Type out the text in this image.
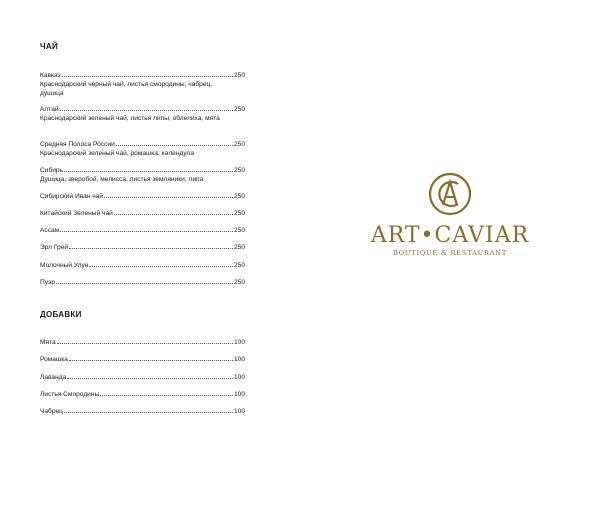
ЧАЙ
Кавказ	250
Краснодарский черный чай, листья смородины, чабрец, душица
Алтай	250
Краснодарский зеленый чай, листья липы, облепиха, мята
Средняя Полоса России	250
Краснодарский зеленый чай, ромашка, календула
Сибирь	250
Душица, зверобой, мелисса, листья земляники, липа
Сибирский Иван чай	250
Китайский Зеленый чай	250
Ассам	250
Эрл Грей	250
Молочный Улун	250
Пуэр	250
ДОБАВКИ
Мята	100
Ромашка	100
Лаванда	100
Листья Смородины	100
Чабрец	100
ART•CAVIAR
BOUTIQUE & RESTAURANT
